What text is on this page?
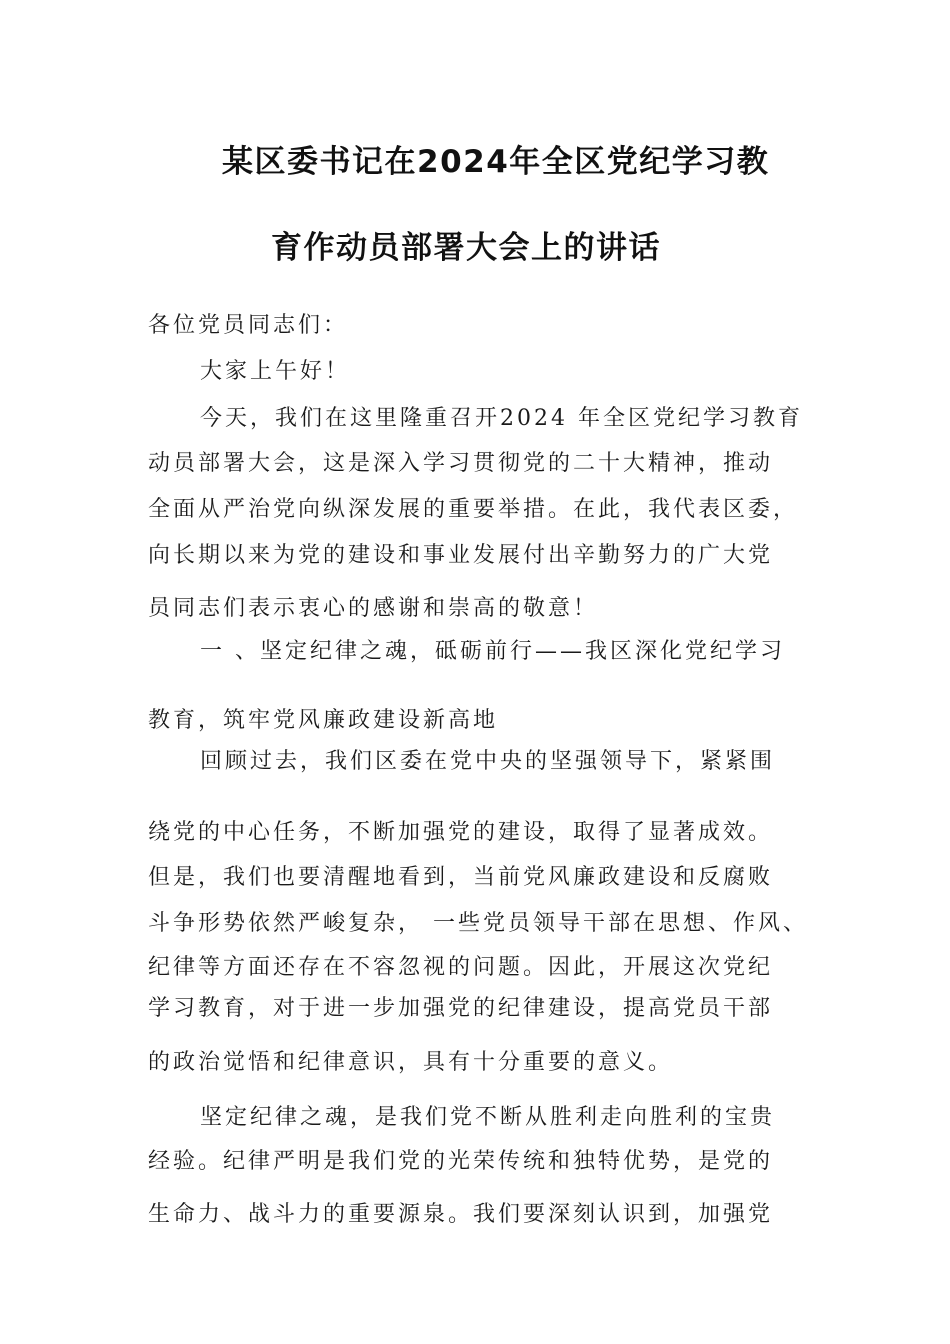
某区委书记在2024年全区党纪学习教
育作动员部署大会上的讲话

各位党员同志们：

大家上午好！

今天，我们在这里隆重召开2024 年全区党纪学习教育

动员部署大会，这是深入学习贯彻党的二十大精神，推动

全面从严治党向纵深发展的重要举措。在此，我代表区委，

向长期以来为党的建设和事业发展付出辛勤努力的广大党

员同志们表示衷心的感谢和崇高的敬意！

一 、坚定纪律之魂，砥砺前行——我区深化党纪学习

教育，筑牢党风廉政建设新高地

回顾过去，我们区委在党中央的坚强领导下，紧紧围

绕党的中心任务，不断加强党的建设，取得了显著成效。

但是，我们也要清醒地看到，当前党风廉政建设和反腐败

斗争形势依然严峻复杂， 一些党员领导干部在思想、作风、

纪律等方面还存在不容忽视的问题。因此，开展这次党纪

学习教育，对于进一步加强党的纪律建设，提高党员干部

的政治觉悟和纪律意识，具有十分重要的意义。

坚定纪律之魂，是我们党不断从胜利走向胜利的宝贵

经验。纪律严明是我们党的光荣传统和独特优势，是党的

生命力、战斗力的重要源泉。我们要深刻认识到，加强党
